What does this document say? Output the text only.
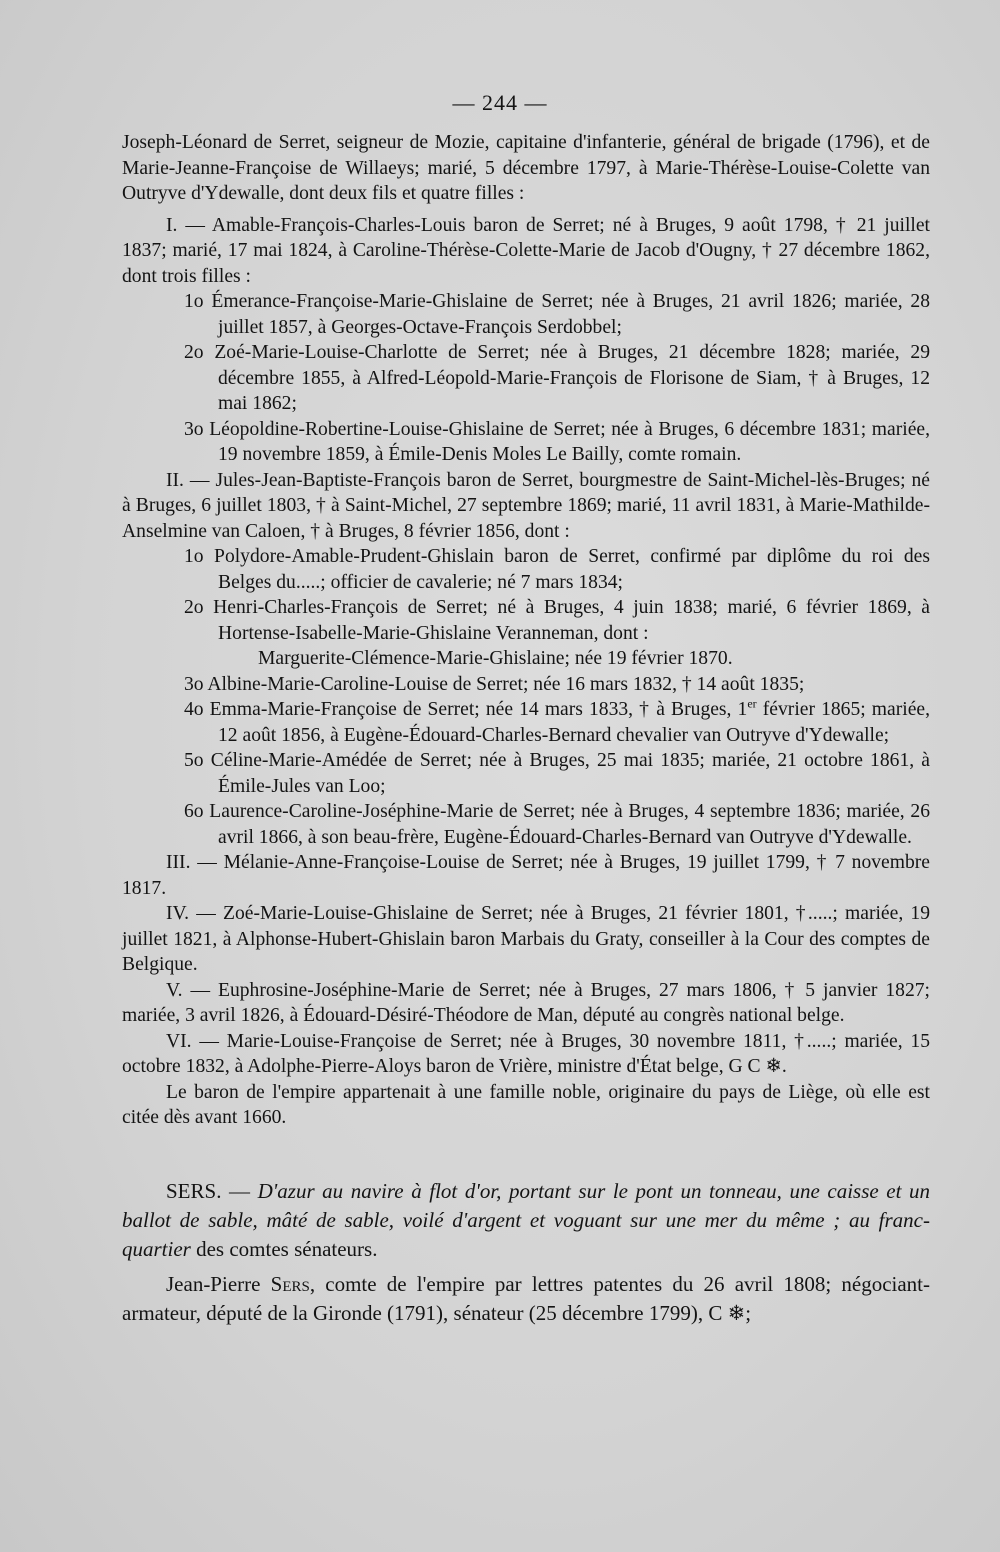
— 244 —

Joseph-Léonard de Serret, seigneur de Mozie, capitaine d'infanterie, général de brigade (1796), et de Marie-Jeanne-Françoise de Willaeys; marié, 5 décembre 1797, à Marie-Thérèse-Louise-Colette van Outryve d'Ydewalle, dont deux fils et quatre filles :

I. — Amable-François-Charles-Louis baron de Serret; né à Bruges, 9 août 1798, † 21 juillet 1837; marié, 17 mai 1824, à Caroline-Thérèse-Colette-Marie de Jacob d'Ougny, † 27 décembre 1862, dont trois filles :

1o Émerance-Françoise-Marie-Ghislaine de Serret; née à Bruges, 21 avril 1826; mariée, 28 juillet 1857, à Georges-Octave-François Serdobbel;

2o Zoé-Marie-Louise-Charlotte de Serret; née à Bruges, 21 décembre 1828; mariée, 29 décembre 1855, à Alfred-Léopold-Marie-François de Florisone de Siam, † à Bruges, 12 mai 1862;

3o Léopoldine-Robertine-Louise-Ghislaine de Serret; née à Bruges, 6 décembre 1831; mariée, 19 novembre 1859, à Émile-Denis Moles Le Bailly, comte romain.

II. — Jules-Jean-Baptiste-François baron de Serret, bourgmestre de Saint-Michel-lès-Bruges; né à Bruges, 6 juillet 1803, † à Saint-Michel, 27 septembre 1869; marié, 11 avril 1831, à Marie-Mathilde-Anselmine van Caloen, † à Bruges, 8 février 1856, dont :

1o Polydore-Amable-Prudent-Ghislain baron de Serret, confirmé par diplôme du roi des Belges du.....; officier de cavalerie; né 7 mars 1834;

2o Henri-Charles-François de Serret; né à Bruges, 4 juin 1838; marié, 6 février 1869, à Hortense-Isabelle-Marie-Ghislaine Veranneman, dont :

Marguerite-Clémence-Marie-Ghislaine; née 19 février 1870.

3o Albine-Marie-Caroline-Louise de Serret; née 16 mars 1832, † 14 août 1835;

4o Emma-Marie-Françoise de Serret; née 14 mars 1833, † à Bruges, 1er février 1865; mariée, 12 août 1856, à Eugène-Édouard-Charles-Bernard chevalier van Outryve d'Ydewalle;

5o Céline-Marie-Amédée de Serret; née à Bruges, 25 mai 1835; mariée, 21 octobre 1861, à Émile-Jules van Loo;

6o Laurence-Caroline-Joséphine-Marie de Serret; née à Bruges, 4 septembre 1836; mariée, 26 avril 1866, à son beau-frère, Eugène-Édouard-Charles-Bernard van Outryve d'Ydewalle.

III. — Mélanie-Anne-Françoise-Louise de Serret; née à Bruges, 19 juillet 1799, † 7 novembre 1817.

IV. — Zoé-Marie-Louise-Ghislaine de Serret; née à Bruges, 21 février 1801, †.....; mariée, 19 juillet 1821, à Alphonse-Hubert-Ghislain baron Marbais du Graty, conseiller à la Cour des comptes de Belgique.

V. — Euphrosine-Joséphine-Marie de Serret; née à Bruges, 27 mars 1806, † 5 janvier 1827; mariée, 3 avril 1826, à Édouard-Désiré-Théodore de Man, député au congrès national belge.

VI. — Marie-Louise-Françoise de Serret; née à Bruges, 30 novembre 1811, †.....; mariée, 15 octobre 1832, à Adolphe-Pierre-Aloys baron de Vrière, ministre d'État belge, G C ❄.

Le baron de l'empire appartenait à une famille noble, originaire du pays de Liège, où elle est citée dès avant 1660.

SERS. — D'azur au navire à flot d'or, portant sur le pont un tonneau, une caisse et un ballot de sable, mâté de sable, voilé d'argent et voguant sur une mer du même ; au franc-quartier des comtes sénateurs.

Jean-Pierre Sers, comte de l'empire par lettres patentes du 26 avril 1808; négociant-armateur, député de la Gironde (1791), sénateur (25 décembre 1799), C ❄;
